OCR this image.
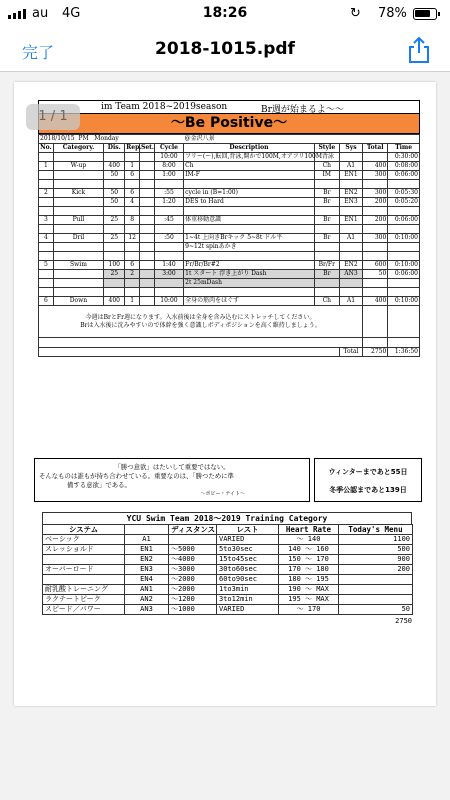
au 4G	18:26	↻ 78%
完了	2018-1015.pdf
1 / 1
im Team 2018~2019season	Br週が始まるよ～～
～Be Positive～
2018/10/15 PM Monday						@金沢八景				
No.	Category.	Dis.	Rep.	Set.	Cycle	Description	Style	Sys	Total	Time
					10:00	フリー(ー),転回,背泳,開かで100M,オアフリ100M背泳				0:30:00
1	W-up	400	1		8:00	Ch	Ch	A1	400	0:08:00
		50	6		1:00	IM-F	IM	EN1	300	0:06:00

2	Kick	50	6		:55	cycle in (B=1:00)	Br	EN2	300	0:05:30
		50	4		1:20	DES to Hard	Br	EN3	200	0:05:20

3	Pull	25	8		:45	体重移動意識	Br	EN1	200	0:06:00

4	Dril	25	12		:50	1~4t 上向きBrキック 5~8t ドル平	Br	A1	300	0:10:00
						9~12t spinあかき				

5	Swim	100	6		1:40	Fr/Br/Br#2	Br/Fr	EN2	600	0:10:00
		25	2		3:00	1t スタート 浮き上がり Dash	Br	AN3	50	0:06:00
						2t 25mDash				

6	Down	400	1		10:00	全身の筋肉をほぐす	Ch	A1	400	0:10:00

今週はBrとFr週になります。入水前後は全身を含み込むにストレッチしてください。
Brは入水後に沈みやすいので体幹を強く意識しボディポジションを高く維持しましょう。										

								Total	2750	1:36:50
「勝つ意欲」はたいして重要ではない。
そんなものは誰もが持ち合わせている。重要なのは、「勝つために準
備する意欲」である。
～ボビー・ナイト～
ウィンターまであと55日
冬季公認まであと139日
YCU Swim Team 2018～2019 Training Category
システム		ディスタンス	レスト	Heart Rate	Today's Menu
ベーシック	A1		VARIED	～ 140	1100
スレッショルド	EN1	～5000	5to30sec	140 ～ 160	500
	EN2	～4000	15to45sec	150 ～ 170	900
オーバーロード	EN3	～3000	30to60sec	170 ～ 180	200
	EN4	～2000	60to90sec	180 ～ 195	
耐乳酸トレーニング	AN1	～2000	1to3min	190 ～ MAX	
ラクテートピーク	AN2	～1200	3to12min	195 ～ MAX	
スピード／パワー	AN3	～1000	VARIED	～ 170	50
2750
